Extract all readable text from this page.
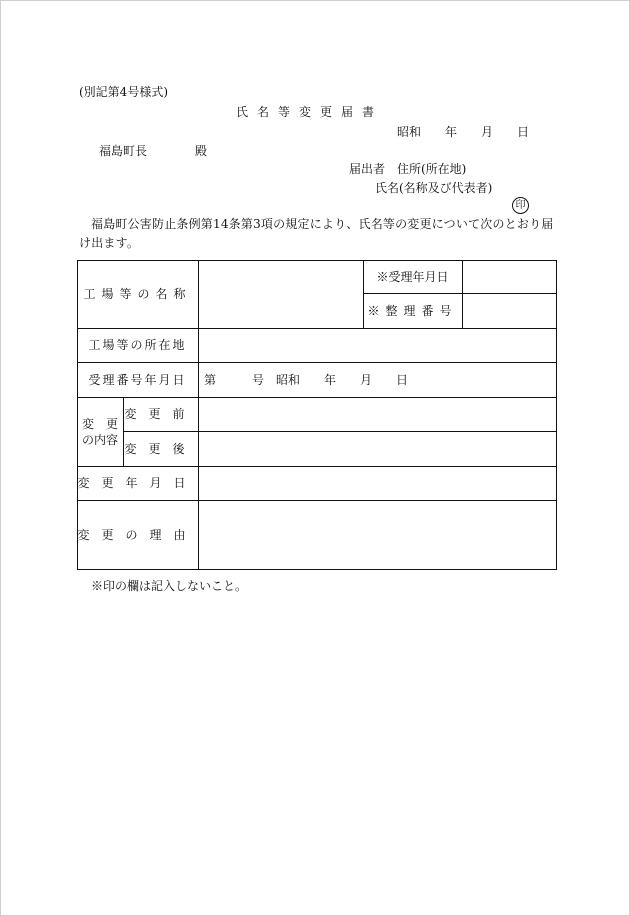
(別記第4号様式)
氏名等変更届書
昭和　　年　　月　　日
福島町長　　　　殿
届出者　住所(所在地)
氏名(名称及び代表者)
印
福島町公害防止条例第14条第3項の規定により、氏名等の変更について次のとおり届け出ます。
工場等の名称
※受理年月日
※整理番号
工場等の所在地
受理番号年月日	第　　　号　昭和　　年　　月　　日
変　更
の内容
変更前
変更後
変更年月日
変更の理由
※印の欄は記入しないこと。
